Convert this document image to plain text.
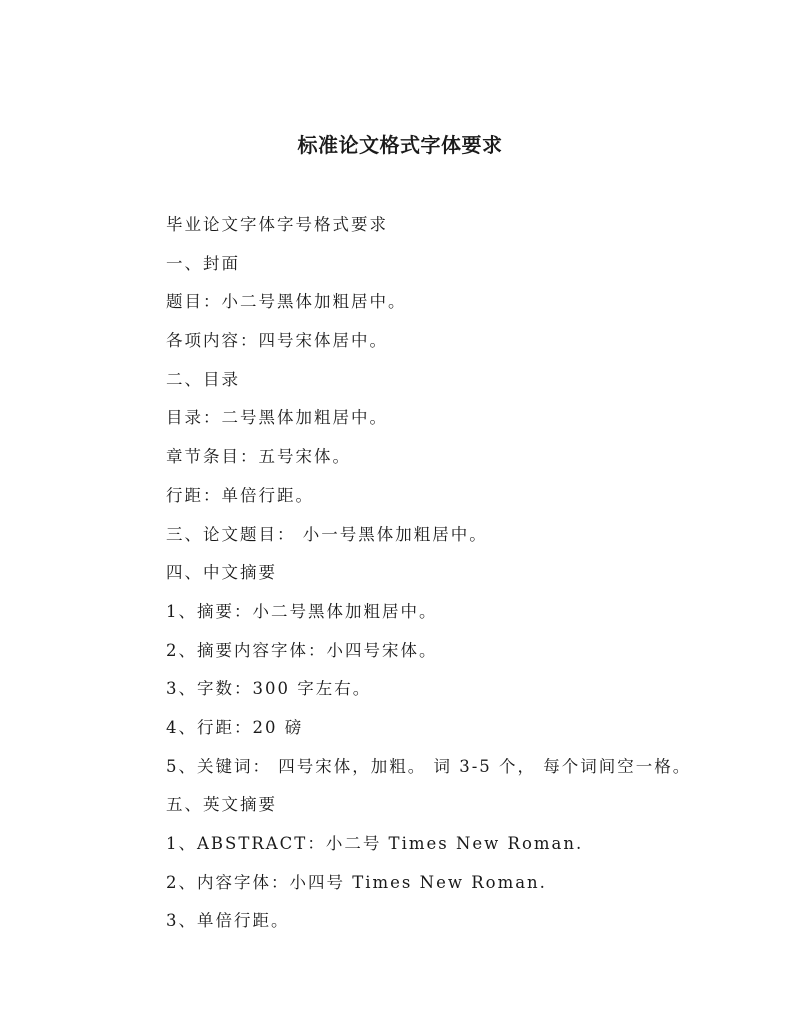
标准论文格式字体要求
毕业论文字体字号格式要求
一、封面
题目：小二号黑体加粗居中。
各项内容：四号宋体居中。
二、目录
目录：二号黑体加粗居中。
章节条目：五号宋体。
行距：单倍行距。
三、论文题目： 小一号黑体加粗居中。
四、中文摘要
1、摘要：小二号黑体加粗居中。
2、摘要内容字体：小四号宋体。
3、字数：300 字左右。
4、行距：20 磅
5、关键词： 四号宋体，加粗。 词 3-5 个， 每个词间空一格。
五、英文摘要
1、ABSTRACT：小二号 Times New Roman.
2、内容字体：小四号 Times New Roman.
3、单倍行距。
